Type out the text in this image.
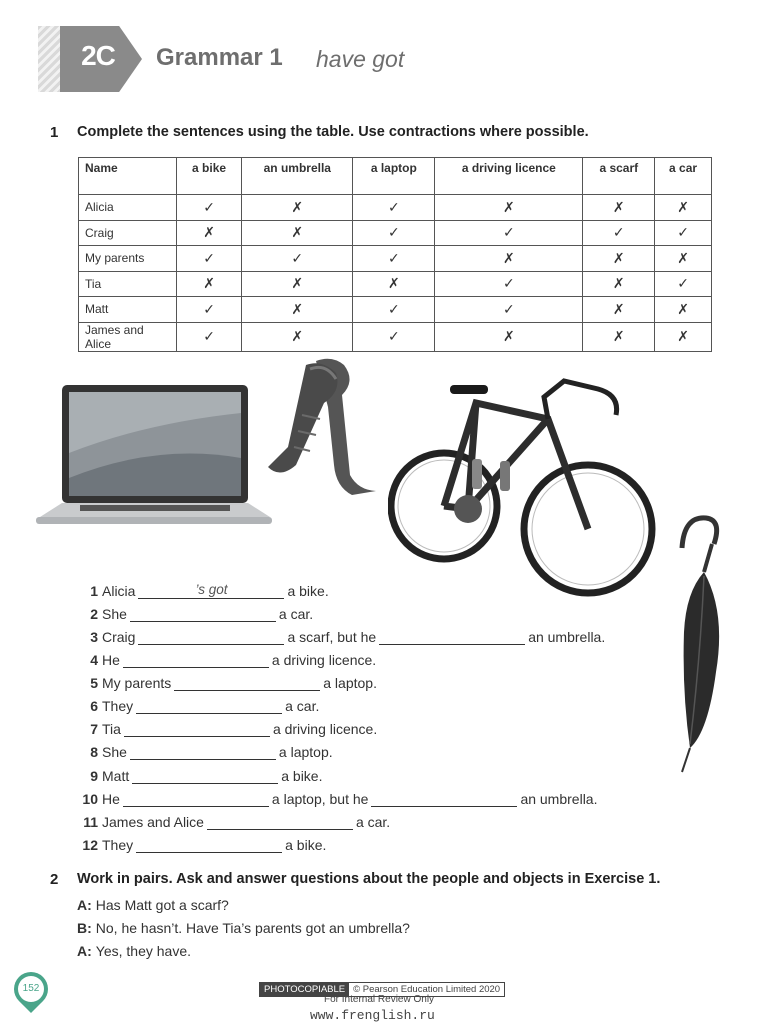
2C	Grammar 1 have got
1 Complete the sentences using the table. Use contractions where possible.
Name	a bike	an umbrella	a laptop	a driving licence	a scarf	a car
Alicia	✓	✗	✓	✗	✗	✗
Craig	✗	✗	✓	✓	✓	✓
My parents	✓	✓	✓	✗	✗	✗
Tia	✗	✗	✗	✓	✗	✓
Matt	✓	✗	✓	✓	✗	✗
James and Alice	✓	✗	✓	✗	✗	✗
1 Alicia	’s got	a bike.
2 She	a car.
3 Craig	a scarf, but he	an umbrella.
4 He	a driving licence.
5 My parents	a laptop.
6 They	a car.
7 Tia	a driving licence.
8 She	a laptop.
9 Matt	a bike.
10 He	a laptop, but he	an umbrella.
11 James and Alice	a car.
12 They	a bike.
2 Work in pairs. Ask and answer questions about the people and objects in Exercise 1.
A: Has Matt got a scarf?
B: No, he hasn’t. Have Tia’s parents got an umbrella?
A: Yes, they have.
152	PHOTOCOPIABLE © Pearson Education Limited 2020
For Internal Review Only
www.frenglish.ru
